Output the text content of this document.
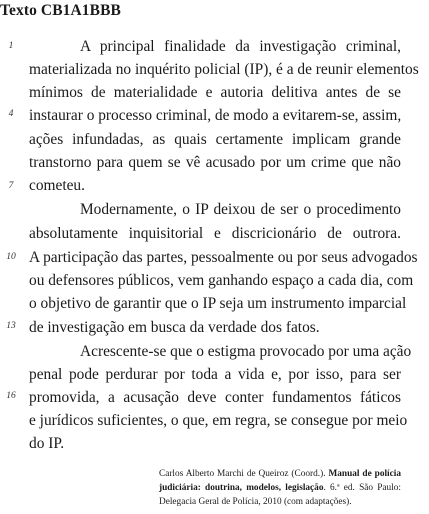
Texto CB1A1BBB
1
4
7
10
13
16
A principal finalidade da investigação criminal,
materializada no inquérito policial (IP), é a de reunir elementos
mínimos de materialidade e autoria delitiva antes de se
instaurar o processo criminal, de modo a evitarem-se, assim,
ações infundadas, as quais certamente implicam grande
transtorno para quem se vê acusado por um crime que não
cometeu.
Modernamente, o IP deixou de ser o procedimento
absolutamente inquisitorial e discricionário de outrora.
A participação das partes, pessoalmente ou por seus advogados
ou defensores públicos, vem ganhando espaço a cada dia, com
o objetivo de garantir que o IP seja um instrumento imparcial
de investigação em busca da verdade dos fatos.
Acrescente-se que o estigma provocado por uma ação
penal pode perdurar por toda a vida e, por isso, para ser
promovida, a acusação deve conter fundamentos fáticos
e jurídicos suficientes, o que, em regra, se consegue por meio
do IP.
Carlos Alberto Marchi de Queiroz (Coord.). Manual de polícia
judiciária: doutrina, modelos, legislação. 6.ª ed. São Paulo:
Delegacia Geral de Polícia, 2010 (com adaptações).
